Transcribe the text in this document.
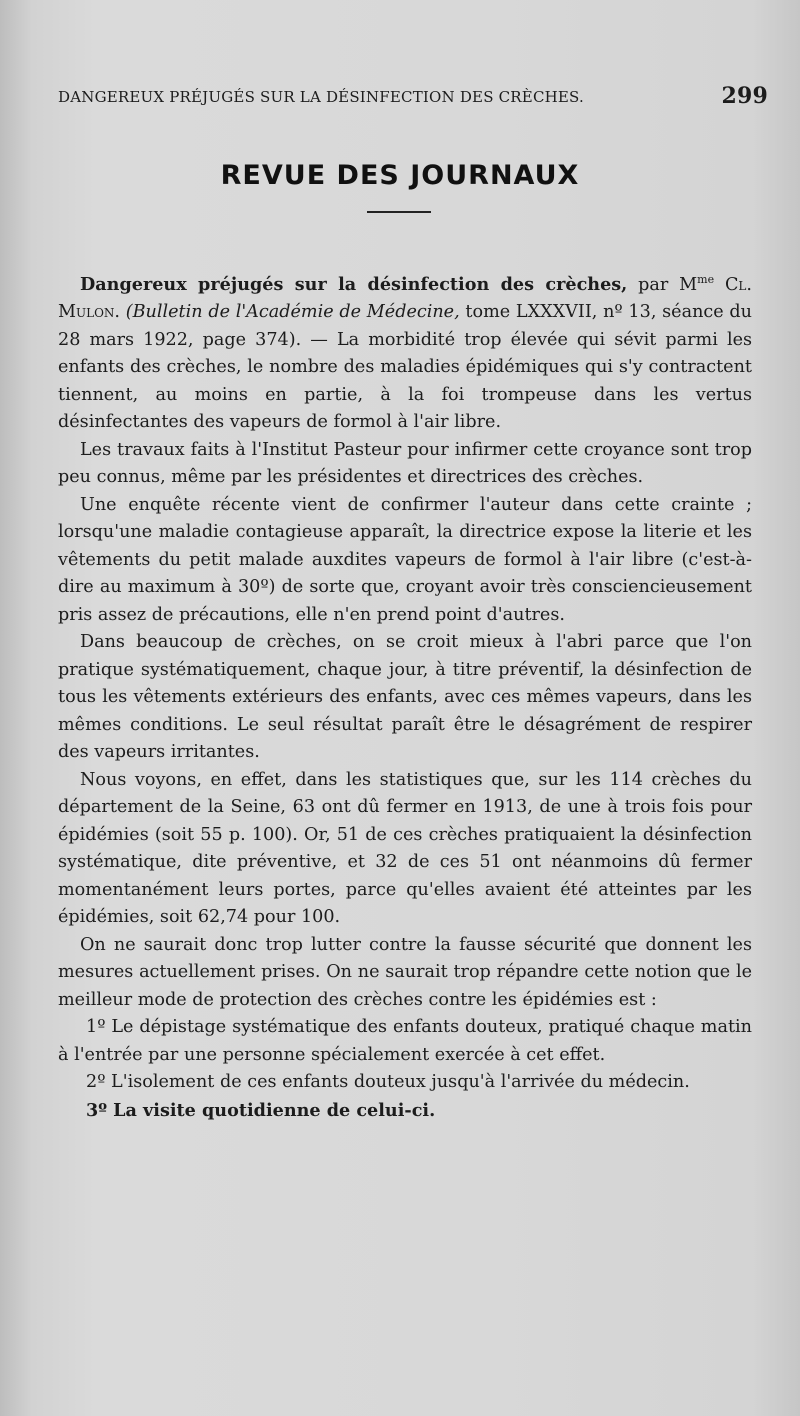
DANGEREUX PRÉJUGÉS SUR LA DÉSINFECTION DES CRÈCHES.	299
REVUE DES JOURNAUX

Dangereux préjugés sur la désinfection des crèches, par $M^{me}$ Cl. Mulon. (Bulletin de l'Académie de Médecine, tome LXXXVII, nº 13, séance du 28 mars 1922, page 374). — La morbidité trop élevée qui sévit parmi les enfants des crèches, le nombre des maladies épidémiques qui s'y contractent tiennent, au moins en partie, à la foi trompeuse dans les vertus désinfectantes des vapeurs de formol à l'air libre.

Les travaux faits à l'Institut Pasteur pour infirmer cette croyance sont trop peu connus, même par les présidentes et directrices des crèches.

Une enquête récente vient de confirmer l'auteur dans cette crainte ; lorsqu'une maladie contagieuse apparaît, la directrice expose la literie et les vêtements du petit malade auxdites vapeurs de formol à l'air libre (c'est-à-dire au maximum à 30º) de sorte que, croyant avoir très consciencieusement pris assez de précautions, elle n'en prend point d'autres.

Dans beaucoup de crèches, on se croit mieux à l'abri parce que l'on pratique systématiquement, chaque jour, à titre préventif, la désinfection de tous les vêtements extérieurs des enfants, avec ces mêmes vapeurs, dans les mêmes conditions. Le seul résultat paraît être le désagrément de respirer des vapeurs irritantes.

Nous voyons, en effet, dans les statistiques que, sur les 114 crèches du département de la Seine, 63 ont dû fermer en 1913, de une à trois fois pour épidémies (soit 55 p. 100). Or, 51 de ces crèches pratiquaient la désinfection systématique, dite préventive, et 32 de ces 51 ont néanmoins dû fermer momentanément leurs portes, parce qu'elles avaient été atteintes par les épidémies, soit 62,74 pour 100.

On ne saurait donc trop lutter contre la fausse sécurité que donnent les mesures actuellement prises. On ne saurait trop répandre cette notion que le meilleur mode de protection des crèches contre les épidémies est :

1º Le dépistage systématique des enfants douteux, pratiqué chaque matin à l'entrée par une personne spécialement exercée à cet effet.

2º L'isolement de ces enfants douteux jusqu'à l'arrivée du médecin.

3º La visite quotidienne de celui-ci.
